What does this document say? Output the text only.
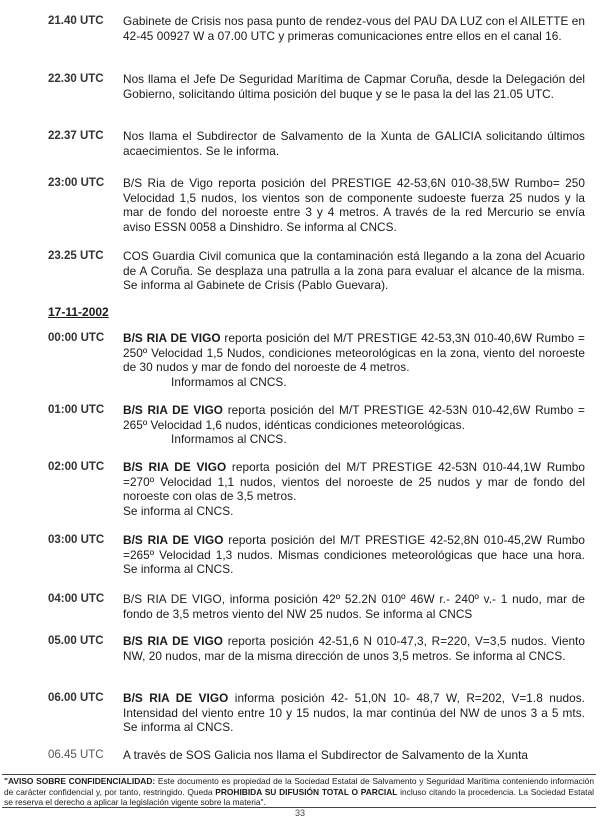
21.40 UTC Gabinete de Crisis nos pasa punto de rendez-vous del PAU DA LUZ con el AILETTE en 42-45 00927 W a 07.00 UTC y primeras comunicaciones entre ellos en el canal 16.
22.30 UTC Nos llama el Jefe De Seguridad Marítima de Capmar Coruña, desde la Delegación del Gobierno, solicitando última posición del buque y se le pasa la del las 21.05 UTC.
22.37 UTC Nos llama el Subdirector de Salvamento de la Xunta de GALICIA solicitando últimos acaecimientos. Se le informa.
23:00 UTC B/S Ria de Vigo reporta posición del PRESTIGE 42-53,6N 010-38,5W Rumbo= 250 Velocidad 1,5 nudos, los vientos son de componente sudoeste fuerza 25 nudos y la mar de fondo del noroeste entre 3 y 4 metros. A través de la red Mercurio se envía aviso ESSN 0058 a Dinshidro. Se informa al CNCS.
23.25 UTC COS Guardia Civil comunica que la contaminación está llegando a la zona del Acuario de A Coruña. Se desplaza una patrulla a la zona para evaluar el alcance de la misma. Se informa al Gabinete de Crisis (Pablo Guevara).
17-11-2002
00:00 UTC B/S RIA DE VIGO reporta posición del M/T PRESTIGE 42-53,3N 010-40,6W Rumbo = 250º Velocidad 1,5 Nudos, condiciones meteorológicas en la zona, viento del noroeste de 30 nudos y mar de fondo del noroeste de 4 metros.
Informamos al CNCS.
01:00 UTC B/S RIA DE VIGO reporta posición del M/T PRESTIGE 42-53N 010-42,6W Rumbo = 265º Velocidad 1,6 nudos, idénticas condiciones meteorológicas.
Informamos al CNCS.
02:00 UTC B/S RIA DE VIGO reporta posición del M/T PRESTIGE 42-53N 010-44,1W Rumbo =270º Velocidad 1,1 nudos, vientos del noroeste de 25 nudos y mar de fondo del noroeste con olas de 3,5 metros.
Se informa al CNCS.
03:00 UTC B/S RIA DE VIGO reporta posición del M/T PRESTIGE 42-52,8N 010-45,2W Rumbo =265º Velocidad 1,3 nudos. Mismas condiciones meteorológicas que hace una hora. Se informa al CNCS.
04:00 UTC B/S RIA DE VIGO, informa posición 42º 52.2N 010º 46W r.- 240º v.- 1 nudo, mar de fondo de 3,5 metros viento del NW 25 nudos. Se informa al CNCS
05.00 UTC B/S RIA DE VIGO reporta posición 42-51,6 N 010-47,3, R=220, V=3,5 nudos. Viento NW, 20 nudos, mar de la misma dirección de unos 3,5 metros. Se informa al CNCS.
06.00 UTC B/S RIA DE VIGO informa posición 42- 51,0N 10- 48,7 W, R=202, V=1.8 nudos. Intensidad del viento entre 10 y 15 nudos, la mar continúa del NW de unos 3 a 5 mts. Se informa al CNCS.
06.45 UTC A través de SOS Galicia nos llama el Subdirector de Salvamento de la Xunta
"AVISO SOBRE CONFIDENCIALIDAD: Este documento es propiedad de la Sociedad Estatal de Salvamento y Seguridad Marítima conteniendo información de carácter confidencial y, por tanto, restringido. Queda PROHIBIDA SU DIFUSIÓN TOTAL O PARCIAL incluso citando la procedencia. La Sociedad Estatal se reserva el derecho a aplicar la legislación vigente sobre la materia".
33
